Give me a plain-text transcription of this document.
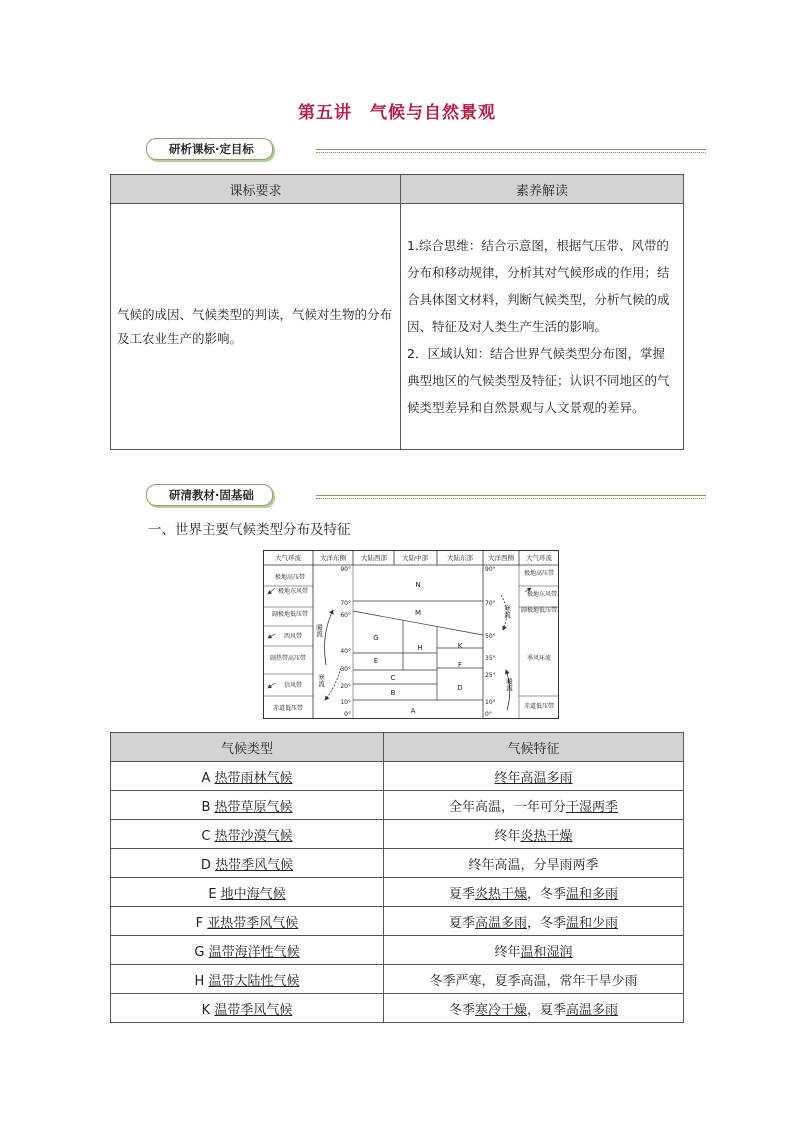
第五讲　气候与自然景观
研析课标·定目标
课标要求	素养解读
气候的成因、气候类型的判读，气候对生物的分布及工农业生产的影响。	1.综合思维：结合示意图，根据气压带、风带的分布和移动规律，分析其对气候形成的作用；结合具体图文材料，判断气候类型，分析气候的成因、特征及对人类生产生活的影响。
2．区域认知：结合世界气候类型分布图，掌握典型地区的气候类型及特征；认识不同地区的气候类型差异和自然景观与人文景观的差异。
研清教材·固基础
一、世界主要气候类型分布及特征
大气环流	大洋东侧 大陆西部 大陆中部	大陆东部 大洋西侧 大气环流
极地高压带
极地东风带
副极地低压带
西风带
副热带高压带
信风带
赤道低压带
极地高压带
极地东风带
副极地低压带
季风环流
赤道低压带
90°
70°
60°
40°
30°
20°
10°
0°
90°
70°
50°
35°
25°
10°
0°
暖流
寒流
寒流
暖流
N
M
G
H	K
E	F
C
D
B
A
气候类型	气候特征
A 热带雨林气候	终年高温多雨
B 热带草原气候	全年高温，一年可分干湿两季
C 热带沙漠气候	终年炎热干燥
D 热带季风气候	终年高温，分旱雨两季
E 地中海气候	夏季炎热干燥，冬季温和多雨
F 亚热带季风气候	夏季高温多雨，冬季温和少雨
G 温带海洋性气候	终年温和湿润
H 温带大陆性气候	冬季严寒，夏季高温，常年干旱少雨
K 温带季风气候	冬季寒冷干燥，夏季高温多雨
